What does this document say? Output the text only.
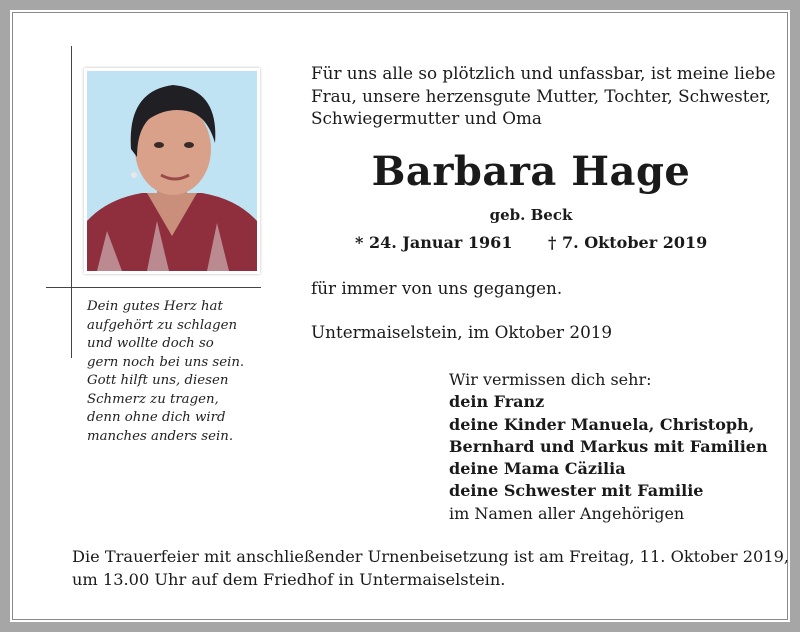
Dein gutes Herz hat
aufgehört zu schlagen
und wollte doch so
gern noch bei uns sein.
Gott hilft uns, diesen
Schmerz zu tragen,
denn ohne dich wird
manches anders sein.
Für uns alle so plötzlich und unfassbar, ist meine liebe
Frau, unsere herzensgute Mutter, Tochter, Schwester,
Schwiegermutter und Oma
Barbara Hage
geb. Beck
* 24. Januar 1961 † 7. Oktober 2019
für immer von uns gegangen.
Untermaiselstein, im Oktober 2019
Wir vermissen dich sehr:
dein Franz
deine Kinder Manuela, Christoph,
Bernhard und Markus mit Familien
deine Mama Cäzilia
deine Schwester mit Familie
im Namen aller Angehörigen
Die Trauerfeier mit anschließender Urnenbeisetzung ist am Freitag, 11. Oktober 2019,
um 13.00 Uhr auf dem Friedhof in Untermaiselstein.
